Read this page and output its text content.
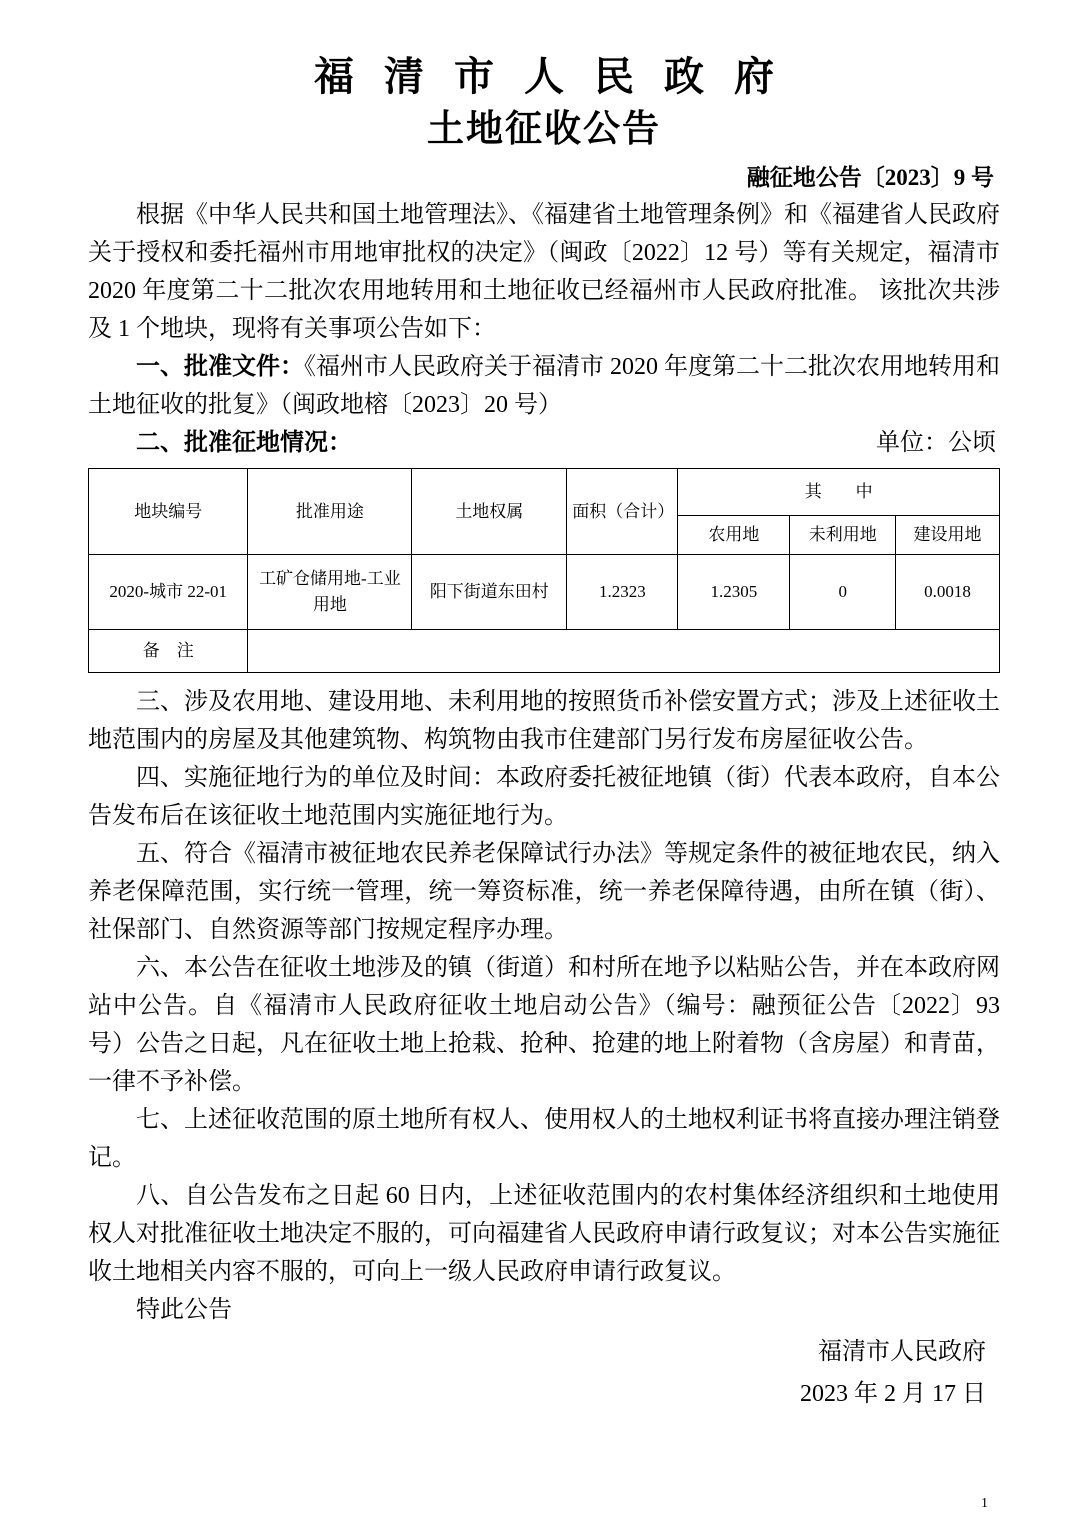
福 清 市 人 民 政 府
土地征收公告
融征地公告〔2023〕9 号

根据《中华人民共和国土地管理法》、《福建省土地管理条例》和《福建省人民政府关于授权和委托福州市用地审批权的决定》（闽政〔2022〕12 号）等有关规定，福清市 2020 年度第二十二批次农用地转用和土地征收已经福州市人民政府批准。 该批次共涉及 1 个地块，现将有关事项公告如下：

一、批准文件：《福州市人民政府关于福清市 2020 年度第二十二批次农用地转用和土地征收的批复》（闽政地榕〔2023〕20 号）

二、批准征地情况：	单位：公顷
地块编号	批准用途	土地权属	面积（合计）	其　　中		
				农用地	未利用地	建设用地
2020-城市 22-01	工矿仓储用地-工业用地	阳下街道东田村	1.2323	1.2305	0	0.0018
备　注						

三、涉及农用地、建设用地、未利用地的按照货币补偿安置方式；涉及上述征收土地范围内的房屋及其他建筑物、构筑物由我市住建部门另行发布房屋征收公告。

四、实施征地行为的单位及时间：本政府委托被征地镇（街）代表本政府，自本公告发布后在该征收土地范围内实施征地行为。

五、符合《福清市被征地农民养老保障试行办法》等规定条件的被征地农民，纳入养老保障范围，实行统一管理，统一筹资标准，统一养老保障待遇，由所在镇（街）、社保部门、自然资源等部门按规定程序办理。

六、本公告在征收土地涉及的镇（街道）和村所在地予以粘贴公告，并在本政府网站中公告。自《福清市人民政府征收土地启动公告》（编号：融预征公告〔2022〕93 号）公告之日起，凡在征收土地上抢栽、抢种、抢建的地上附着物（含房屋）和青苗，一律不予补偿。

七、上述征收范围的原土地所有权人、使用权人的土地权利证书将直接办理注销登记。

八、自公告发布之日起 60 日内，上述征收范围内的农村集体经济组织和土地使用权人对批准征收土地决定不服的，可向福建省人民政府申请行政复议；对本公告实施征收土地相关内容不服的，可向上一级人民政府申请行政复议。

特此公告

福清市人民政府
2023 年 2 月 17 日
1
